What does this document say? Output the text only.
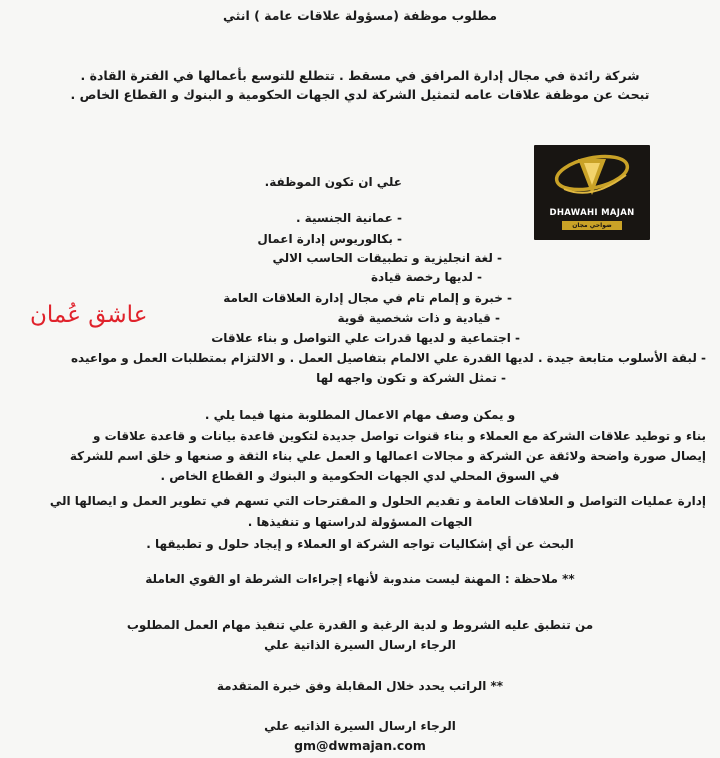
مطلوب موظفة (مسؤولة علاقات عامة ) انثي

شركة رائدة في مجال إدارة المرافق في مسقط . تتطلع للتوسع بأعمالها في الفترة القادة .

تبحث عن موظفة علاقات عامه لتمثيل الشركة لدي الجهات الحكومية و البنوك و القطاع الخاص .

DHAWAHI MAJAN
ضواحي مجان

علي ان تكون الموظفة.

- عمانية الجنسية .

- بكالوريوس إدارة اعمال

- لغة انجليزية و تطبيقات الحاسب الالي

- لديها رخصة قيادة

- خبرة و إلمام تام في مجال إدارة العلاقات العامة

- قيادية و ذات شخصية قوية

- اجتماعية و لديها قدرات علي التواصل و بناء علاقات

- لبقة الأسلوب متابعة جيدة . لديها القدرة علي الالمام بتفاصيل العمل . و الالتزام بمتطلبات العمل و مواعيده

- تمثل الشركة و تكون واجهه لها

عاشق عُمان

و يمكن وصف مهام الاعمال المطلوبة منها فيما يلي .

بناء و توطيد علاقات الشركة مع العملاء و بناء قنوات تواصل جديدة لتكوين قاعدة بيانات و قاعدة علاقات و

إيصال صورة واضحة ولائقة عن الشركة و مجالات اعمالها و العمل علي بناء الثقة و صنعها و خلق اسم للشركة

في السوق المحلي لدي الجهات الحكومية و البنوك و القطاع الخاص .

إدارة عمليات التواصل و العلاقات العامة و تقديم الحلول و المقترحات التي تسهم في تطوير العمل و ايصالها الي

الجهات المسؤولة لدراستها و تنفيذها .

البحث عن أي إشكاليات تواجه الشركة او العملاء و إيجاد حلول و تطبيقها .

** ملاحظة : المهنة ليست مندوبة لأنهاء إجراءات الشرطة او القوي العاملة

من تنطبق عليه الشروط و لدية الرغبة و القدرة علي تنفيذ مهام العمل المطلوب

الرجاء ارسال السيرة الذاتية علي

** الراتب يحدد خلال المقابلة وفق خبرة المتقدمة

الرجاء ارسال السيرة الذاتيه علي

gm@dwmajan.com
